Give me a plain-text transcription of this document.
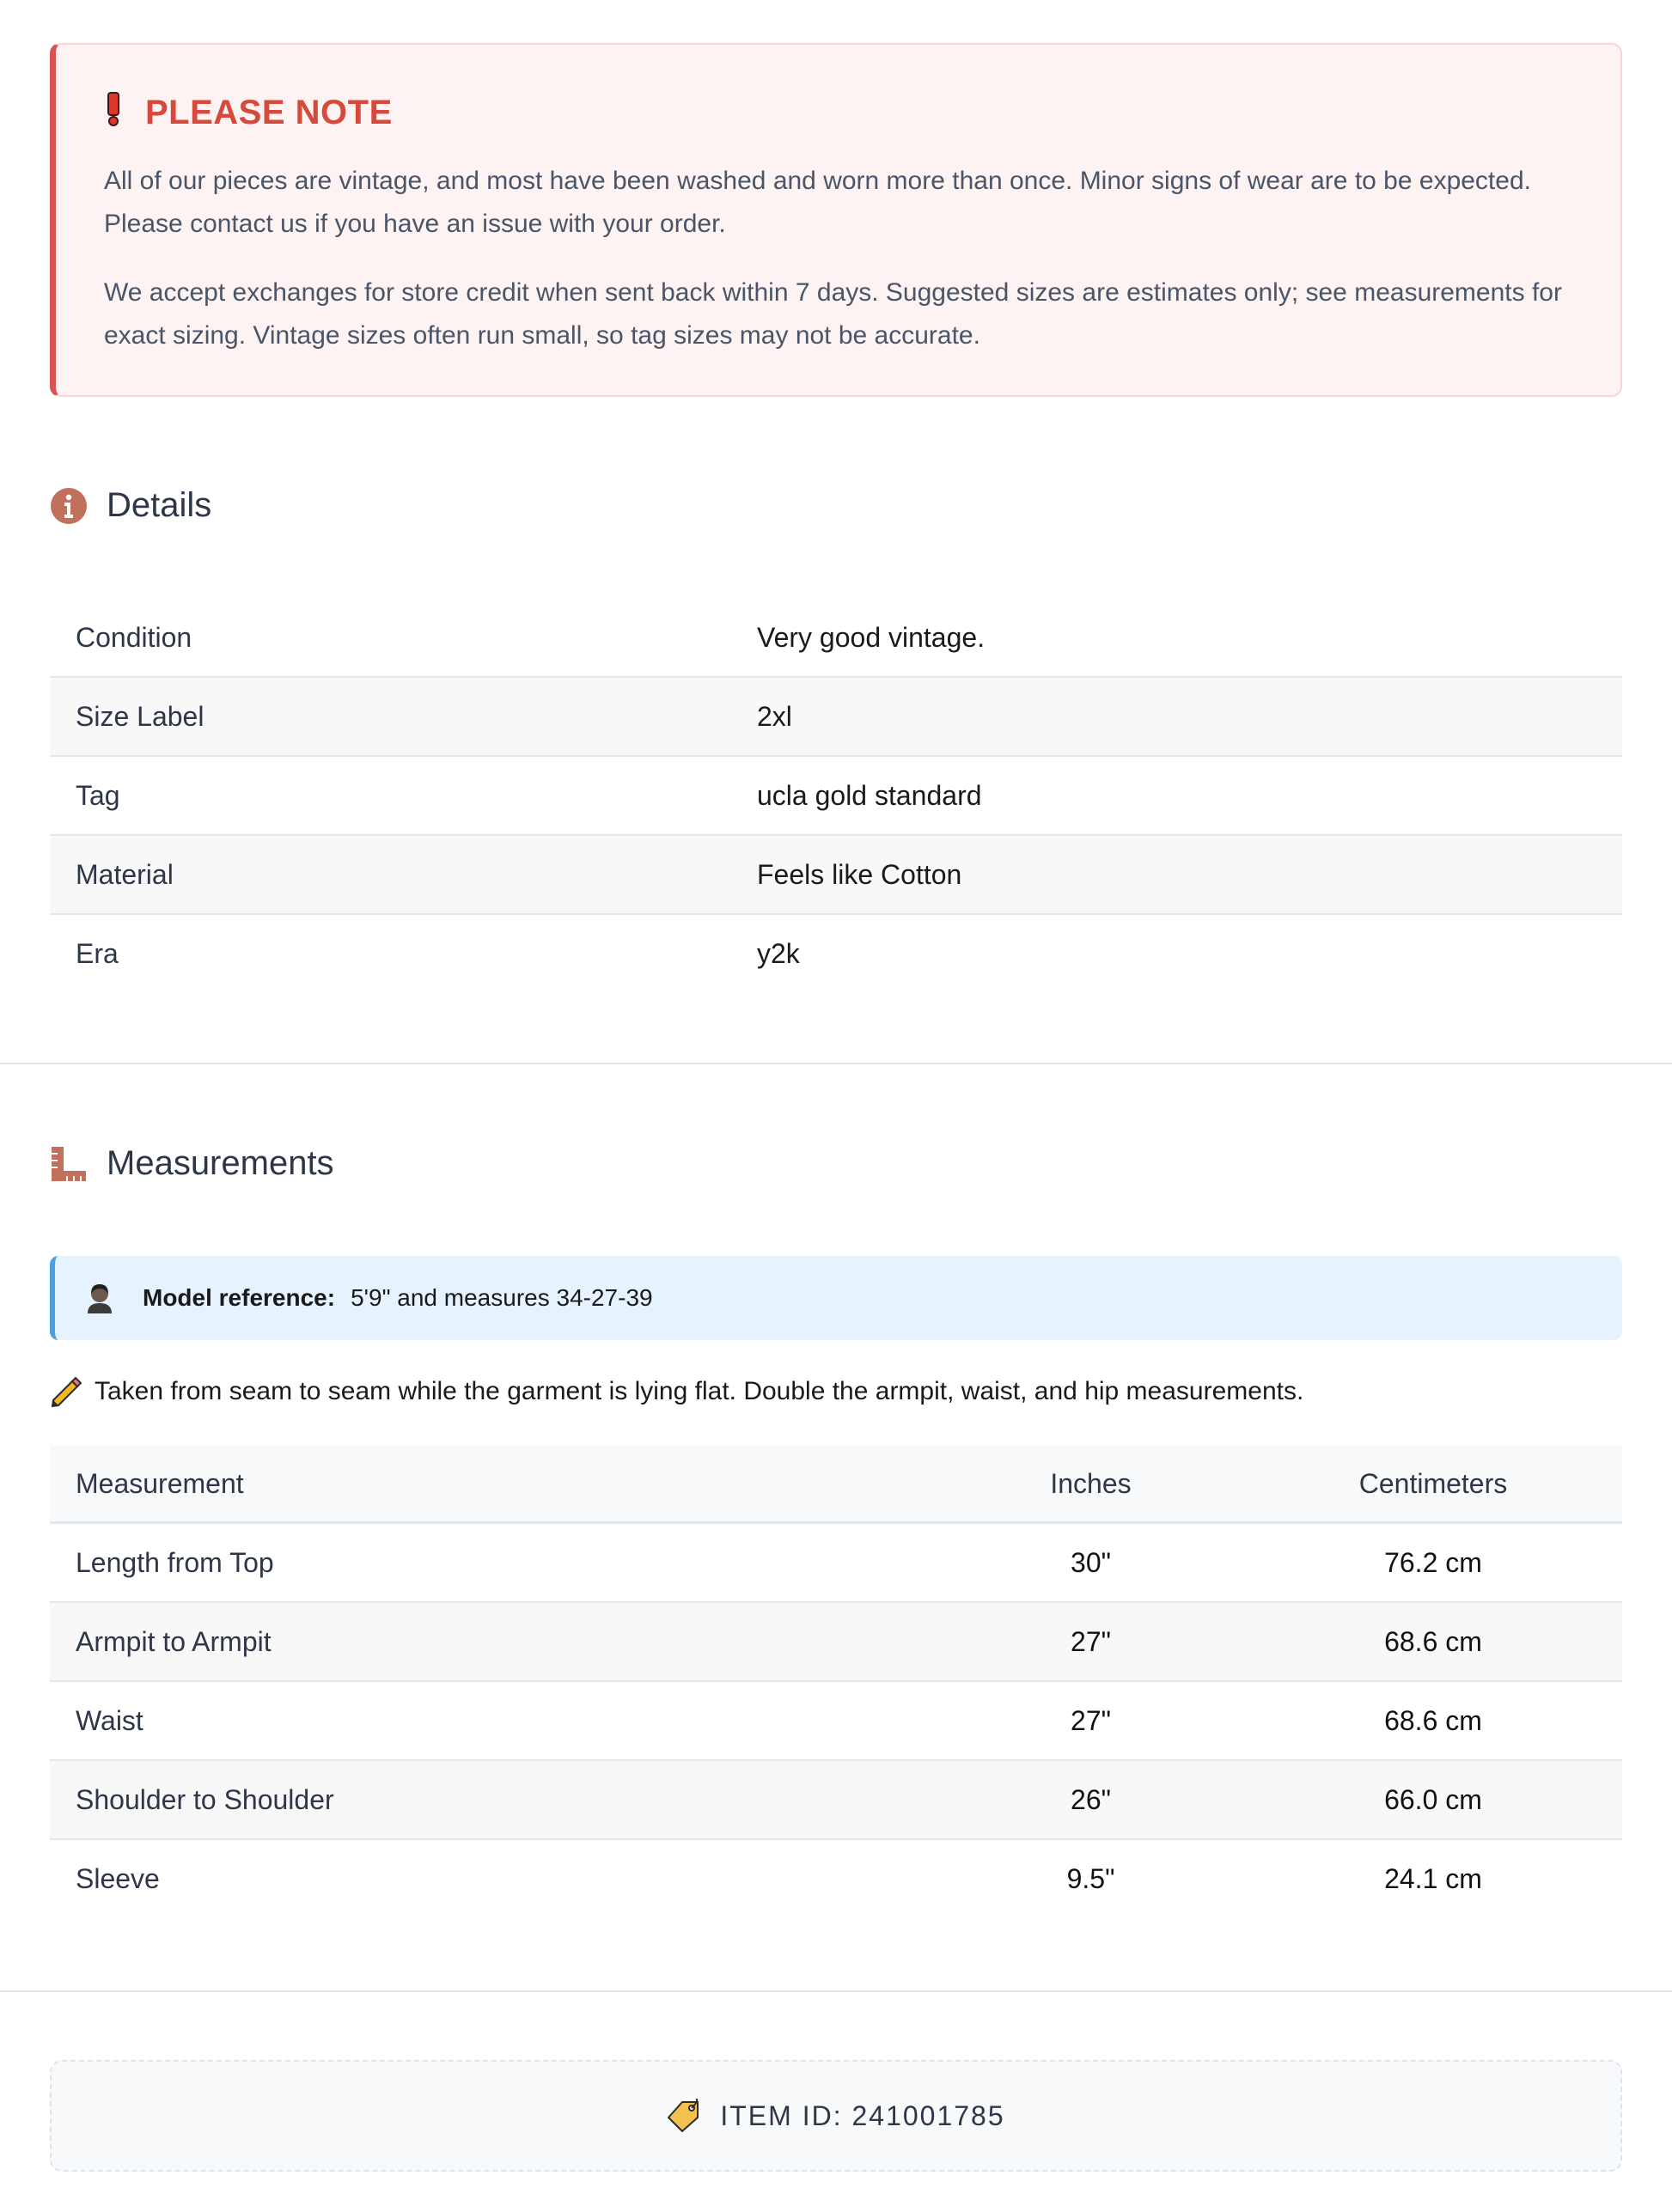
PLEASE NOTE

All of our pieces are vintage, and most have been washed and worn more than once. Minor signs of wear are to be expected. Please contact us if you have an issue with your order.

We accept exchanges for store credit when sent back within 7 days. Suggested sizes are estimates only; see measurements for exact sizing. Vintage sizes often run small, so tag sizes may not be accurate.

Details
Condition	Very good vintage.
Size Label	2xl
Tag	ucla gold standard
Material	Feels like Cotton
Era	y2k
Measurements
Model reference: 5'9" and measures 34-27-39
Taken from seam to seam while the garment is lying flat. Double the armpit, waist, and hip measurements.
Measurement	Inches	Centimeters
Length from Top	30"	76.2 cm
Armpit to Armpit	27"	68.6 cm
Waist	27"	68.6 cm
Shoulder to Shoulder	26"	66.0 cm
Sleeve	9.5"	24.1 cm
ITEM ID: 241001785
